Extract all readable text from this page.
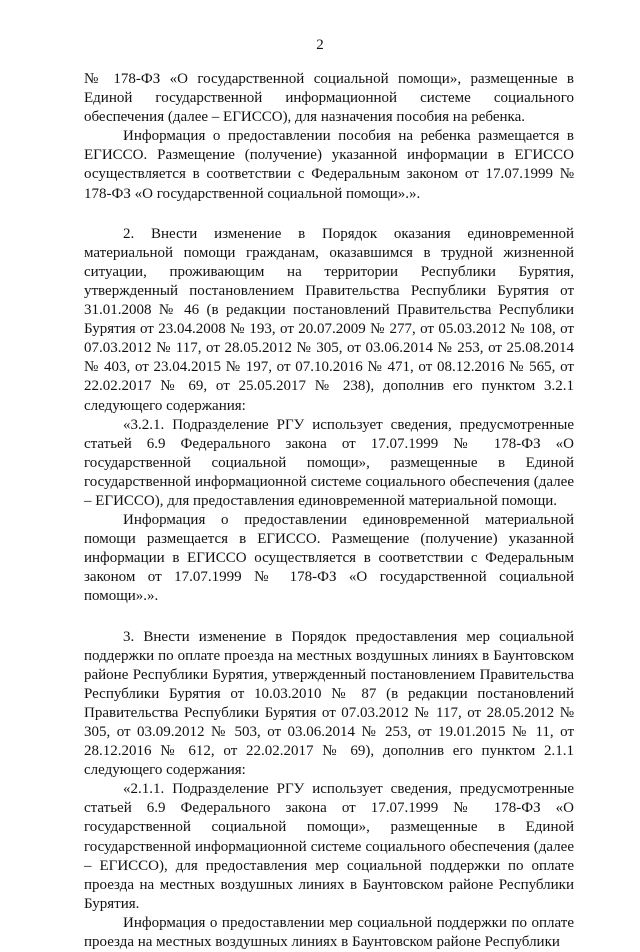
2

№ 178-ФЗ «О государственной социальной помощи», размещенные в Единой государственной информационной системе социального обеспечения (далее – ЕГИССО), для назначения пособия на ребенка.

Информация о предоставлении пособия на ребенка размещается в ЕГИССО. Размещение (получение) указанной информации в ЕГИССО осуществляется в соответствии с Федеральным законом от 17.07.1999 № 178-ФЗ «О государственной социальной помощи».».

2. Внести изменение в Порядок оказания единовременной материальной помощи гражданам, оказавшимся в трудной жизненной ситуации, проживающим на территории Республики Бурятия, утвержденный постановлением Правительства Республики Бурятия от 31.01.2008 № 46 (в редакции постановлений Правительства Республики Бурятия от 23.04.2008 № 193, от 20.07.2009 № 277, от 05.03.2012 № 108, от 07.03.2012 № 117, от 28.05.2012 № 305, от 03.06.2014 № 253, от 25.08.2014 № 403, от 23.04.2015 № 197, от 07.10.2016 № 471, от 08.12.2016 № 565, от 22.02.2017 № 69, от 25.05.2017 № 238), дополнив его пунктом 3.2.1 следующего содержания:

«3.2.1. Подразделение РГУ использует сведения, предусмотренные статьей 6.9 Федерального закона от 17.07.1999 № 178-ФЗ «О государственной социальной помощи», размещенные в Единой государственной информационной системе социального обеспечения (далее – ЕГИССО), для предоставления единовременной материальной помощи.

Информация о предоставлении единовременной материальной помощи размещается в ЕГИССО. Размещение (получение) указанной информации в ЕГИССО осуществляется в соответствии с Федеральным законом от 17.07.1999 № 178-ФЗ «О государственной социальной помощи».».

3. Внести изменение в Порядок предоставления мер социальной поддержки по оплате проезда на местных воздушных линиях в Баунтовском районе Республики Бурятия, утвержденный постановлением Правительства Республики Бурятия от 10.03.2010 № 87 (в редакции постановлений Правительства Республики Бурятия от 07.03.2012 № 117, от 28.05.2012 № 305, от 03.09.2012 № 503, от 03.06.2014 № 253, от 19.01.2015 № 11, от 28.12.2016 № 612, от 22.02.2017 № 69), дополнив его пунктом 2.1.1 следующего содержания:

«2.1.1. Подразделение РГУ использует сведения, предусмотренные статьей 6.9 Федерального закона от 17.07.1999 № 178-ФЗ «О государственной социальной помощи», размещенные в Единой государственной информационной системе социального обеспечения (далее – ЕГИССО), для предоставления мер социальной поддержки по оплате проезда на местных воздушных линиях в Баунтовском районе Республики Бурятия.

Информация о предоставлении мер социальной поддержки по оплате проезда на местных воздушных линиях в Баунтовском районе Республики
